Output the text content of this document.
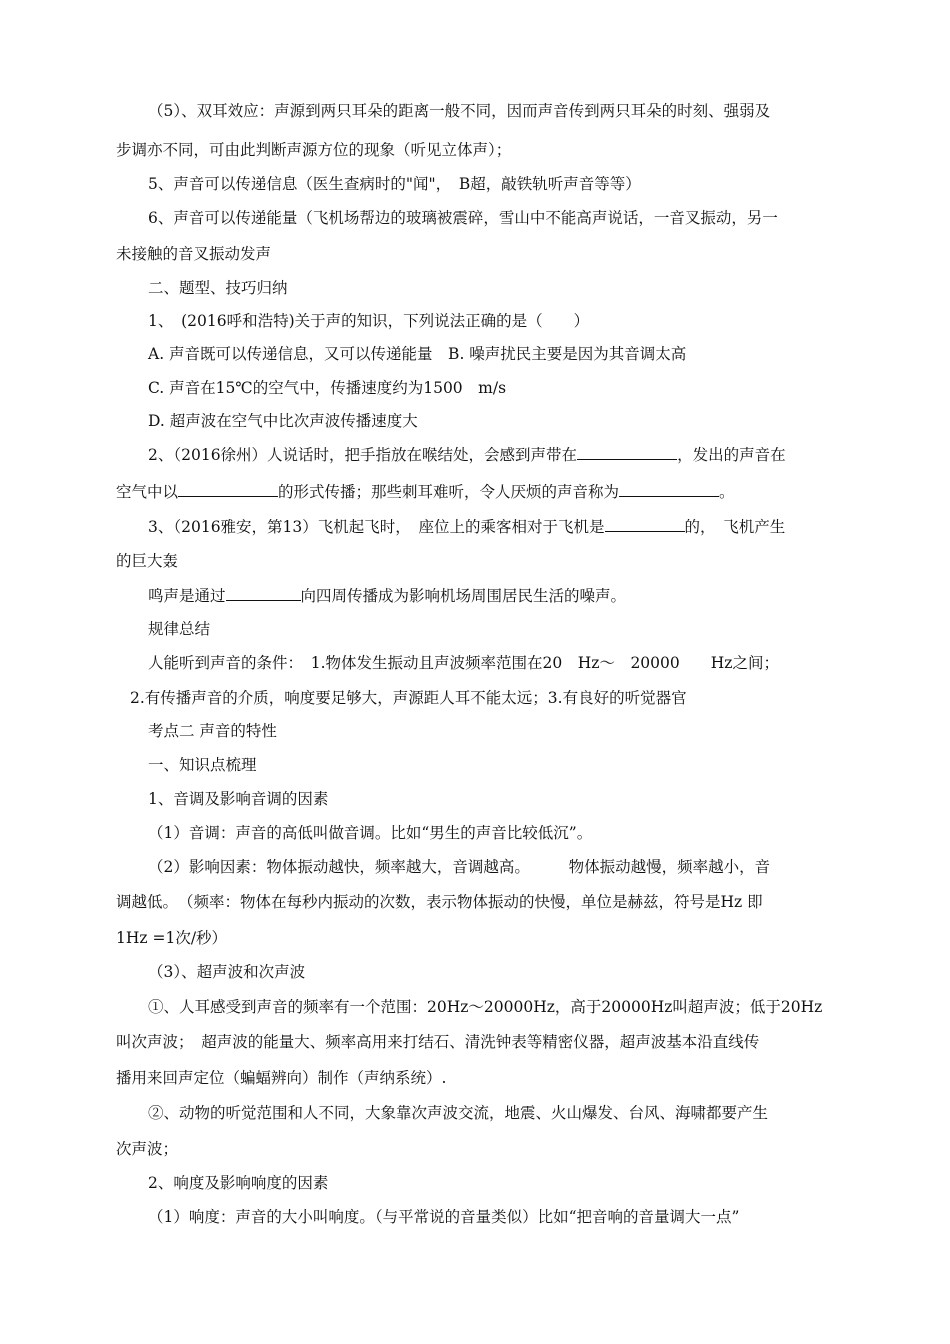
（5）、双耳效应：声源到两只耳朵的距离一般不同，因而声音传到两只耳朵的时刻、强弱及
步调亦不同，可由此判断声源方位的现象（听见立体声）；
5、声音可以传递信息（医生查病时的"闻"，　B超，敲铁轨听声音等等）
6、声音可以传递能量（飞机场帮边的玻璃被震碎，雪山中不能高声说话，一音叉振动，另一
未接触的音叉振动发声
二、题型、技巧归纳
1、　(2016呼和浩特)关于声的知识，下列说法正确的是（　　）
A. 声音既可以传递信息，又可以传递能量　B. 噪声扰民主要是因为其音调太高
C. 声音在15℃的空气中，传播速度约为1500　m/s
D. 超声波在空气中比次声波传播速度大
2、（2016徐州）人说话时，把手指放在喉结处，会感到声带在	，发出的声音在
空气中以	的形式传播；那些刺耳难听，令人厌烦的声音称为	。
3、（2016雅安，第13）飞机起飞时，　座位上的乘客相对于飞机是	的，　飞机产生
的巨大轰
鸣声是通过	向四周传播成为影响机场周围居民生活的噪声。
规律总结
人能听到声音的条件：　1.物体发生振动且声波频率范围在20　Hz～　20000　　Hz之间；
2.有传播声音的介质，响度要足够大，声源距人耳不能太远；3.有良好的听觉器官
考点二 声音的特性
一、知识点梳理
1、音调及影响音调的因素
（1）音调：声音的高低叫做音调。比如“男生的声音比较低沉”。
（2）影响因素：物体振动越快，频率越大，音调越高。　　　物体振动越慢，频率越小，音
调越低。　（频率：物体在每秒内振动的次数，表示物体振动的快慢，单位是赫兹，符号是Hz 即
1Hz =1次/秒）
（3）、超声波和次声波
①、人耳感受到声音的频率有一个范围：20Hz～20000Hz，高于20000Hz叫超声波；低于20Hz
叫次声波；　超声波的能量大、频率高用来打结石、清洗钟表等精密仪器，超声波基本沿直线传
播用来回声定位（蝙蝠辨向）制作（声纳系统）.
②、动物的听觉范围和人不同，大象靠次声波交流，地震、火山爆发、台风、海啸都要产生
次声波；
2、响度及影响响度的因素
（1）响度：声音的大小叫响度。（与平常说的音量类似）比如“把音响的音量调大一点”
